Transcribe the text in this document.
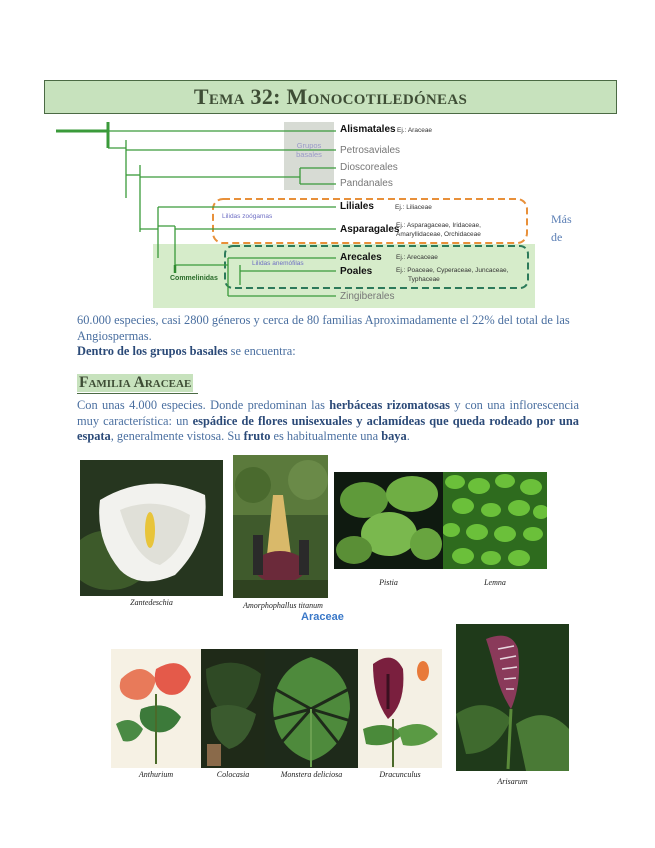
Tema 32: Monocotiledóneas
Grupos
basales
Alismatales Ej.: Araceae
Petrosaviales
Dioscoreales
Pandanales
Liliales	Ej.: Liliaceae
Lilidas zoógamas
Asparagales
Ej.: Asparagaceae, Iridaceae,
Amaryllidaceae, Orchidaceae
Arecales Ej.: Arecaceae
Lilidas anemófilas
Poales	Ej.: Poaceae, Cyperaceae, Juncaceae,
Typhaceae
Commelinidas
Zingiberales
Más
de
60.000 especies, casi 2800 géneros y cerca de 80 familias Aproximadamente el 22% del total de las Angiospermas.
Dentro de los grupos basales se encuentra:
Familia Araceae
Con unas 4.000 especies. Donde predominan las herbáceas rizomatosas y con una inflorescencia muy característica: un espádice de flores unisexuales y aclamídeas que queda rodeado por una espata, generalmente vistosa. Su fruto es habitualmente una baya.
Zantedeschia	Amorphophallus titanum
Pistia	Lemna
Araceae
Anthurium	Colocasia	Monstera deliciosa	Dracunculus
Arisarum
